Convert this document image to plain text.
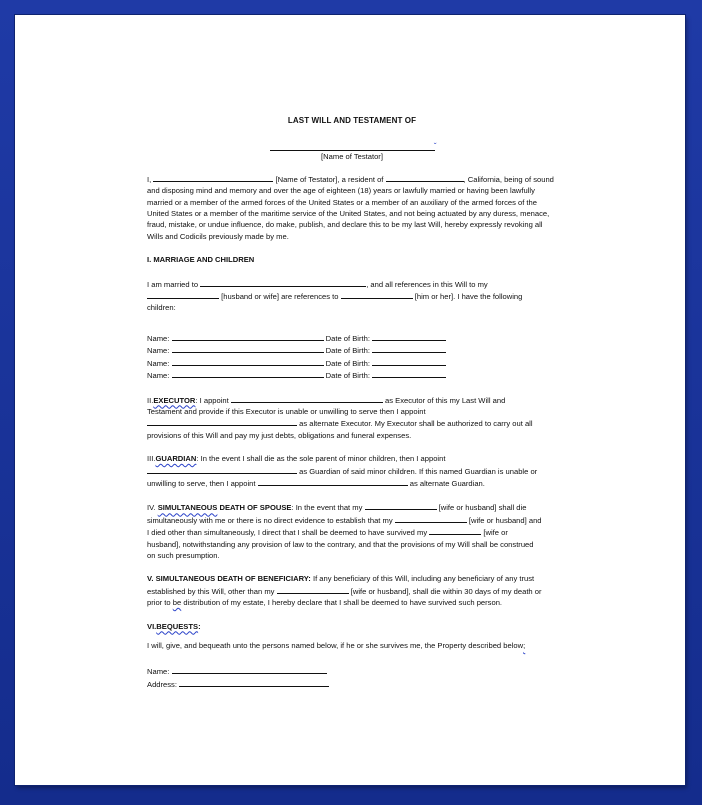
LAST WILL AND TESTAMENT OF
ˇ
[Name of Testator]
I,	[Name of Testator], a resident of	, California, being of sound and disposing mind and memory and over the age of eighteen (18) years or lawfully married or having been lawfully married or a member of the armed forces of the United States or a member of an auxiliary of the armed forces of the United States or a member of the maritime service of the United States, and not being actuated by any duress, menace, fraud, mistake, or undue influence, do make, publish, and declare this to be my last Will, hereby expressly revoking all Wills and Codicils previously made by me.
I. MARRIAGE AND CHILDREN
I am married to	, and all references in this Will to my
[husband or wife] are references to	[him or her]. I have the following
children:
Name:	Date of Birth:
Name:	Date of Birth:
Name:	Date of Birth:
Name:	Date of Birth:
II.EXECUTOR: I appoint	as Executor of this my Last Will and
Testament and provide if this Executor is unable or unwilling to serve then I appoint
as alternate Executor. My Executor shall be authorized to carry out all
provisions of this Will and pay my just debts, obligations and funeral expenses.
III.GUARDIAN: In the event I shall die as the sole parent of minor children, then I appoint
as Guardian of said minor children. If this named Guardian is unable or
unwilling to serve, then I appoint	as alternate Guardian.
IV. SIMULTANEOUS DEATH OF SPOUSE: In the event that my	[wife or husband] shall die
simultaneously with me or there is no direct evidence to establish that my	[wife or husband] and
I died other than simultaneously, I direct that I shall be deemed to have survived my	[wife or
husband], notwithstanding any provision of law to the contrary, and that the provisions of my Will shall be construed
on such presumption.
V. SIMULTANEOUS DEATH OF BENEFICIARY: If any beneficiary of this Will, including any beneficiary of any trust
established by this Will, other than my	[wife or husband], shall die within 30 days of my death or
prior to be distribution of my estate, I hereby declare that I shall be deemed to have survived such person.
VI.BEQUESTS:
I will, give, and bequeath unto the persons named below, if he or she survives me, the Property described below;
Name:
Address:
